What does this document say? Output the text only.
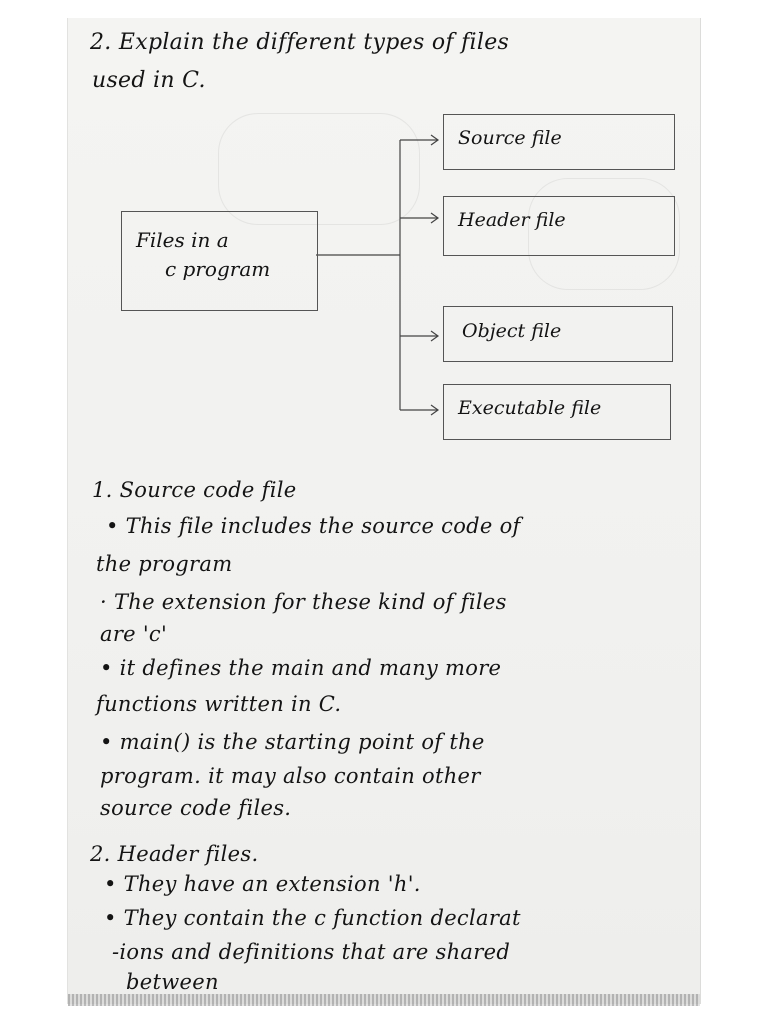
2. Explain the different types of files
used in C.
Files in a
c program
Source file
Header file
Object file
Executable file
1. Source code file
• This file includes the source code of
the program
· The extension for these kind of files
are 'c'
• it defines the main and many more
functions written in C.
• main() is the starting point of the
program. it may also contain other
source code files.
2. Header files.
• They have an extension 'h'.
• They contain the c function declarat
-ions and definitions that are shared
between
